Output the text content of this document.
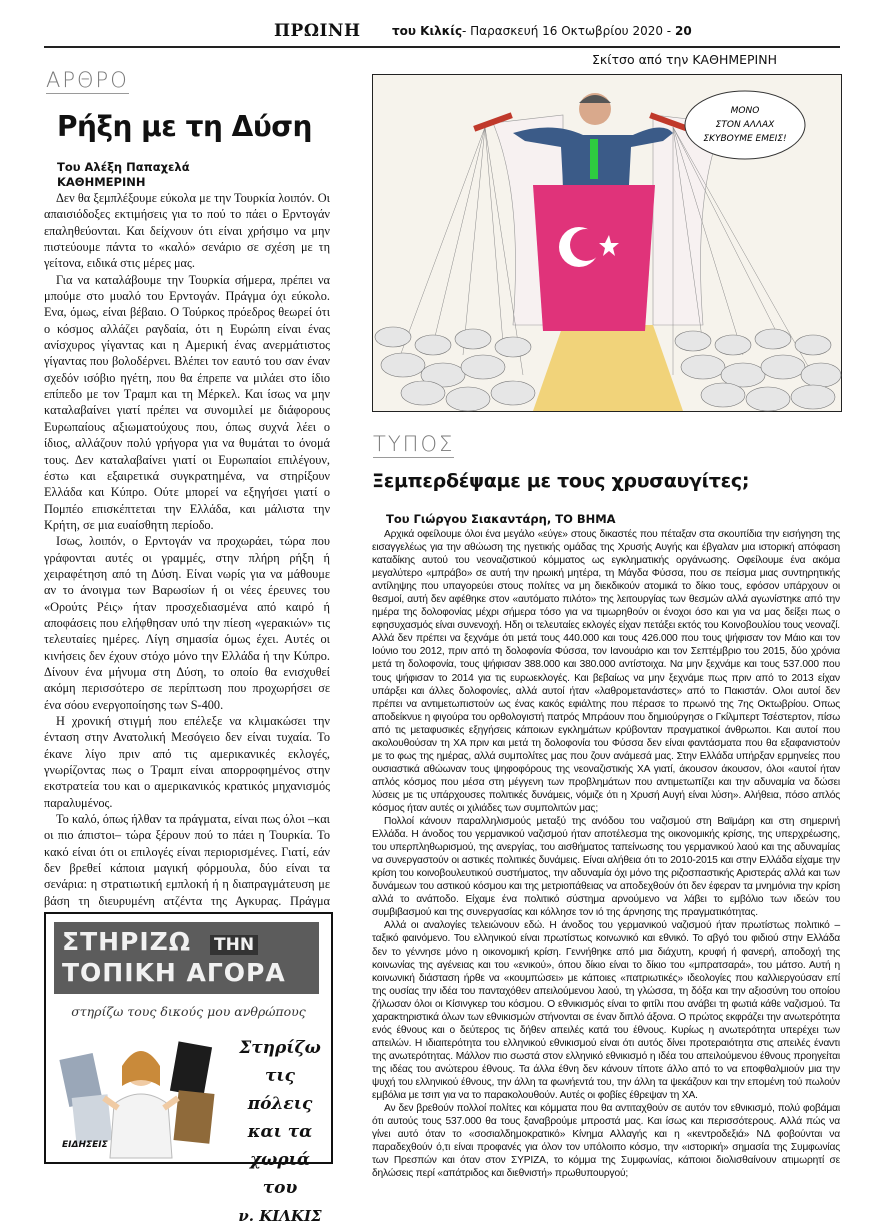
ΠΡΩΙΝΗ	του Κιλκίς - Παρασκευή 16 Οκτωβρίου 2020 - 20
ΑΡΘΡΟ
Ρήξη με τη Δύση
Του Αλέξη Παπαχελά
ΚΑΘΗΜΕΡΙΝΗ

Δεν θα ξεμπλέξουμε εύκολα με την Τουρκία λοιπόν. Οι απαισιόδοξες εκτιμήσεις για το πού το πάει ο Ερντογάν επαληθεύονται. Και δείχνουν ότι είναι χρήσιμο να μην πιστεύουμε πάντα το «καλό» σενάριο σε σχέση με τη γείτονα, ειδικά στις μέρες μας.

Για να καταλάβουμε την Τουρκία σήμερα, πρέπει να μπούμε στο μυαλό του Ερντογάν. Πράγμα όχι εύκολο. Ενα, όμως, είναι βέβαιο. Ο Τούρκος πρόεδρος θεωρεί ότι ο κόσμος αλλάζει ραγδαία, ότι η Ευρώπη είναι ένας ανίσχυρος γίγαντας και η Αμερική ένας ανερμάτιστος γίγαντας που βολοδέρνει. Βλέπει τον εαυτό του σαν έναν σχεδόν ισόβιο ηγέτη, που θα έπρεπε να μιλάει στο ίδιο επίπεδο με τον Τραμπ και τη Μέρκελ. Και ίσως να μην καταλαβαίνει γιατί πρέπει να συνομιλεί με διάφορους Ευρωπαίους αξιωματούχους που, όπως συχνά λέει ο ίδιος, αλλάζουν πολύ γρήγορα για να θυμάται το όνομά τους. Δεν καταλαβαίνει γιατί οι Ευρωπαίοι επιλέγουν, έστω και εξαιρετικά συγκρατημένα, να στηρίξουν Ελλάδα και Κύπρο. Ούτε μπορεί να εξηγήσει γιατί ο Πομπέο επισκέπτεται την Ελλάδα, και μάλιστα την Κρήτη, σε μια ευαίσθητη περίοδο.

Ισως, λοιπόν, ο Ερντογάν να προχωράει, τώρα που γράφονται αυτές οι γραμμές, στην πλήρη ρήξη ή χειραφέτηση από τη Δύση. Είναι νωρίς για να μάθουμε αν το άνοιγμα των Βαρωσίων ή οι νέες έρευνες του «Ορούτς Ρέις» ήταν προσχεδιασμένα από καιρό ή αποφάσεις που ελήφθησαν υπό την πίεση «γερακιών» τις τελευταίες ημέρες. Λίγη σημασία όμως έχει. Αυτές οι κινήσεις δεν έχουν στόχο μόνο την Ελλάδα ή την Κύπρο. Δίνουν ένα μήνυμα στη Δύση, το οποίο θα ενισχυθεί ακόμη περισσότερο σε περίπτωση που προχωρήσει σε ένα σόου ενεργοποίησης των S-400.

Η χρονική στιγμή που επέλεξε να κλιμακώσει την ένταση στην Ανατολική Μεσόγειο δεν είναι τυχαία. Το έκανε λίγο πριν από τις αμερικανικές εκλογές, γνωρίζοντας πως ο Τραμπ είναι απορροφημένος στην εκστρατεία του και ο αμερικανικός κρατικός μηχανισμός παραλυμένος.

Το καλό, όπως ήλθαν τα πράγματα, είναι πως όλοι –και οι πιο άπιστοι– τώρα ξέρουν πού το πάει η Τουρκία. Το κακό είναι ότι οι επιλογές είναι περιορισμένες. Γιατί, εάν δεν βρεθεί κάποια μαγική φόρμουλα, δύο είναι τα σενάρια: η στρατιωτική εμπλοκή ή η διαπραγμάτευση με βάση τη διευρυμένη ατζέντα της Αγκυρας. Πράγμα

Σκίτσο από την ΚΑΘΗΜΕΡΙΝΗ
ΜΟΝΟ
ΣΤΟΝ ΑΛΛΑΧ
ΣΚΥΒΟΥΜΕ ΕΜΕΙΣ!
ΤΥΠΟΣ
Ξεμπερδέψαμε με τους χρυσαυγίτες;
Του Γιώργου Σιακαντάρη, ΤΟ ΒΗΜΑ

Αρχικά οφείλουμε όλοι ένα μεγάλο «εύγε» στους δικαστές που πέταξαν στα σκουπίδια την εισήγηση της εισαγγελέως για την αθώωση της ηγετικής ομάδας της Χρυσής Αυγής και έβγαλαν μια ιστορική απόφαση καταδίκης αυτού του νεοναζιστικού κόμματος ως εγκληματικής οργάνωσης. Οφείλουμε ένα ακόμα μεγαλύτερο «μπράβο» σε αυτή την ηρωική μητέρα, τη Μάγδα Φύσσα, που σε πείσμα μιας συντηρητικής αντίληψης που υπαγορεύει στους πολίτες να μη διεκδικούν ατομικά το δίκιο τους, εφόσον υπάρχουν οι θεσμοί, αυτή δεν αφέθηκε στον «αυτόματο πιλότο» της λειτουργίας των θεσμών αλλά αγωνίστηκε από την ημέρα της δολοφονίας μέχρι σήμερα τόσο για να τιμωρηθούν οι ένοχοι όσο και για να μας δείξει πως ο εφησυχασμός είναι συνενοχή. Ηδη οι τελευταίες εκλογές είχαν πετάξει εκτός του Κοινοβουλίου τους νεοναζί. Αλλά δεν πρέπει να ξεχνάμε ότι μετά τους 440.000 και τους 426.000 που τους ψήφισαν τον Μάιο και τον Ιούνιο του 2012, πριν από τη δολοφονία Φύσσα, τον Ιανουάριο και τον Σεπτέμβριο του 2015, δύο χρόνια μετά τη δολοφονία, τους ψήφισαν 388.000 και 380.000 αντίστοιχα. Να μην ξεχνάμε και τους 537.000 που τους ψήφισαν το 2014 για τις ευρωεκλογές. Και βεβαίως να μην ξεχνάμε πως πριν από το 2013 είχαν υπάρξει και άλλες δολοφονίες, αλλά αυτοί ήταν «λαθρομετανάστες» από το Πακιστάν. Ολοι αυτοί δεν πρέπει να αντιμετωπιστούν ως ένας κακός εφιάλτης που πέρασε το πρωινό της 7ης Οκτωβρίου. Οπως αποδείκνυε η φιγούρα του ορθολογιστή πατρός Μπράουν που δημιούργησε ο Γκίλμπερτ Τσέστερτον, πίσω από τις μεταφυσικές εξηγήσεις κάποιων εγκλημάτων κρύβονταν πραγματικοί άνθρωποι. Και αυτοί που ακολουθούσαν τη ΧΑ πριν και μετά τη δολοφονία του Φύσσα δεν είναι φαντάσματα που θα εξαφανιστούν με το φως της ημέρας, αλλά συμπολίτες μας που ζουν ανάμεσά μας. Στην Ελλάδα υπήρξαν ερμηνείες που ουσιαστικά αθώωναν τους ψηφοφόρους της νεοναζιστικής ΧΑ γιατί, άκουσον άκουσον, όλοι «αυτοί ήταν απλός κόσμος που μέσα στη μέγγενη των προβλημάτων που αντιμετωπίζει και την αδυναμία να δώσει λύσεις με τις υπάρχουσες πολιτικές δυνάμεις, νόμιζε ότι η Χρυσή Αυγή είναι λύση». Αλήθεια, πόσο απλός κόσμος ήταν αυτές οι χιλιάδες των συμπολιτών μας;

Πολλοί κάνουν παραλληλισμούς μεταξύ της ανόδου του ναζισμού στη Βαϊμάρη και στη σημερινή Ελλάδα. Η άνοδος του γερμανικού ναζισμού ήταν αποτέλεσμα της οικονομικής κρίσης, της υπερχρέωσης, του υπερπληθωρισμού, της ανεργίας, του αισθήματος ταπείνωσης του γερμανικού λαού και της αδυναμίας να συνεργαστούν οι αστικές πολιτικές δυνάμεις. Είναι αλήθεια ότι το 2010-2015 και στην Ελλάδα είχαμε την κρίση του κοινοβουλευτικού συστήματος, την αδυναμία όχι μόνο της ριζοσπαστικής Αριστεράς αλλά και των δυνάμεων του αστικού κόσμου και της μετριοπάθειας να αποδεχθούν ότι δεν έφεραν τα μνημόνια την κρίση αλλά το ανάποδο. Είχαμε ένα πολιτικό σύστημα αρνούμενο να λάβει το εμβόλιο των ιδεών του συμβιβασμού και της συνεργασίας και κόλλησε τον ιό της άρνησης της πραγματικότητας.

Αλλά οι αναλογίες τελειώνουν εδώ. Η άνοδος του γερμανικού ναζισμού ήταν πρωτίστως πολιτικό – ταξικό φαινόμενο. Του ελληνικού είναι πρωτίστως κοινωνικό και εθνικό. Το αβγό του φιδιού στην Ελλάδα δεν το γέννησε μόνο η οικονομική κρίση. Γεννήθηκε από μια διάχυτη, κρυφή ή φανερή, αποδοχή της κοινωνίας της αγένειας και του «ενικού», όπου δίκιο είναι το δίκιο του «μπρατσαρά», του μάτσο. Αυτή η κοινωνική διάσταση ήρθε να «κουμπώσει» με κάποιες «πατριωτικές» ιδεολογίες που καλλιεργούσαν επί της ουσίας την ιδέα του πανταχόθεν απειλούμενου λαού, τη γλώσσα, τη δόξα και την αξιοσύνη του οποίου ζήλωσαν όλοι οι Κίσινγκερ του κόσμου. Ο εθνικισμός είναι το φιτίλι που ανάβει τη φωτιά κάθε ναζισμού. Τα χαρακτηριστικά όλων των εθνικισμών στήνονται σε έναν διπλό άξονα. Ο πρώτος εκφράζει την ανωτερότητα ενός έθνους και ο δεύτερος τις δήθεν απειλές κατά του έθνους. Κυρίως η ανωτερότητα υπερέχει των απειλών. Η ιδιαιτερότητα του ελληνικού εθνικισμού είναι ότι αυτός δίνει προτεραιότητα στις απειλές έναντι της ανωτερότητας. Μάλλον πιο σωστά στον ελληνικό εθνικισμό η ιδέα του απειλούμενου έθνους προηγείται της ιδέας του ανώτερου έθνους. Τα άλλα έθνη δεν κάνουν τίποτε άλλο από το να εποφθαλμιούν μια την ψυχή του ελληνικού έθνους, την άλλη τα φωνήεντά του, την άλλη τα ψεκάζουν και την επομένη τού πωλούν εμβόλια με τσιπ για να το παρακολουθούν. Αυτές οι φοβίες έθρεψαν τη ΧΑ.

Αν δεν βρεθούν πολλοί πολίτες και κόμματα που θα αντιταχθούν σε αυτόν τον εθνικισμό, πολύ φοβάμαι ότι αυτούς τους 537.000 θα τους ξαναβρούμε μπροστά μας. Και ίσως και περισσότερους. Αλλά πώς να γίνει αυτό όταν το «σοσιαλδημοκρατικό» Κίνημα Αλλαγής και η «κεντροδεξιά» ΝΔ φοβούνται να παραδεχθούν ό,τι είναι προφανές για όλον τον υπόλοιπο κόσμο, την «ιστορική» σημασία της Συμφωνίας των Πρεσπών και όταν στον ΣΥΡΙΖΑ, το κόμμα της Συμφωνίας, κάποιοι διολισθαίνουν ατιμωρητί σε δηλώσεις περί «απάτριδος και διεθνιστή» πρωθυπουργού;

ΣΤΗΡΙΖΩ ΤΗΝ
ΤΟΠΙΚΗ ΑΓΟΡΑ
στηρίζω τους δικούς μου ανθρώπους
Στηρίζω
τις πόλεις
και τα
χωριά του
ν. ΚΙΛΚΙΣ
ΕΙΔΗΣΕΙΣ
